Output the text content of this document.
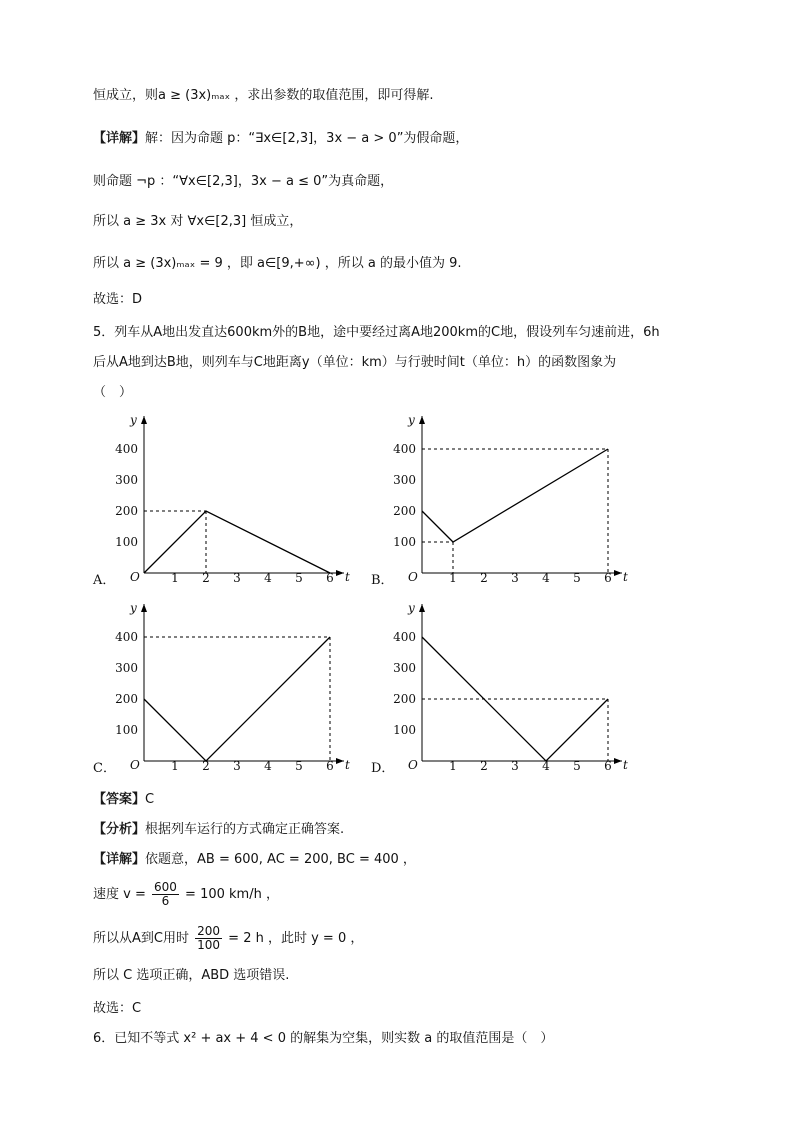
恒成立，则a ≥ (3x)ₘₐₓ ，求出参数的取值范围，即可得解.
【详解】解：因为命题 p：“∃x∈[2,3]，3x − a > 0”为假命题，
则命题 ¬p ：“∀x∈[2,3]，3x − a ≤ 0”为真命题，
所以 a ≥ 3x 对 ∀x∈[2,3] 恒成立，
所以 a ≥ (3x)ₘₐₓ = 9 ，即 a∈[9,+∞) ，所以 a 的最小值为 9.
故选：D
5．列车从A地出发直达600km外的B地，途中要经过离A地200km的C地，假设列车匀速前进，6h
后从A地到达B地，则列车与C地距离y（单位：km）与行驶时间t（单位：h）的函数图象为
（　）
A．	B．
C．	D．
y
t
O
100
200
300
400
1 2 3 4 5 6
y
t
O
100
200
300
400
1 2 3 4 5 6
y
t
O
100
200
300
400
1 2 3 4 5 6
y
t
O
100
200
300
400
1 2 3 4 5 6
【答案】C
【分析】根据列车运行的方式确定正确答案.
【详解】依题意，AB = 600, AC = 200, BC = 400 ，
速度 $v = \frac{600}{6} = 100$ km/h ，
所以从A到C用时 $\frac{200}{100} = 2$ h ，此时 y = 0 ，
所以 C 选项正确，ABD 选项错误.
故选：C
6．已知不等式 x² + ax + 4 < 0 的解集为空集，则实数 a 的取值范围是（　）
